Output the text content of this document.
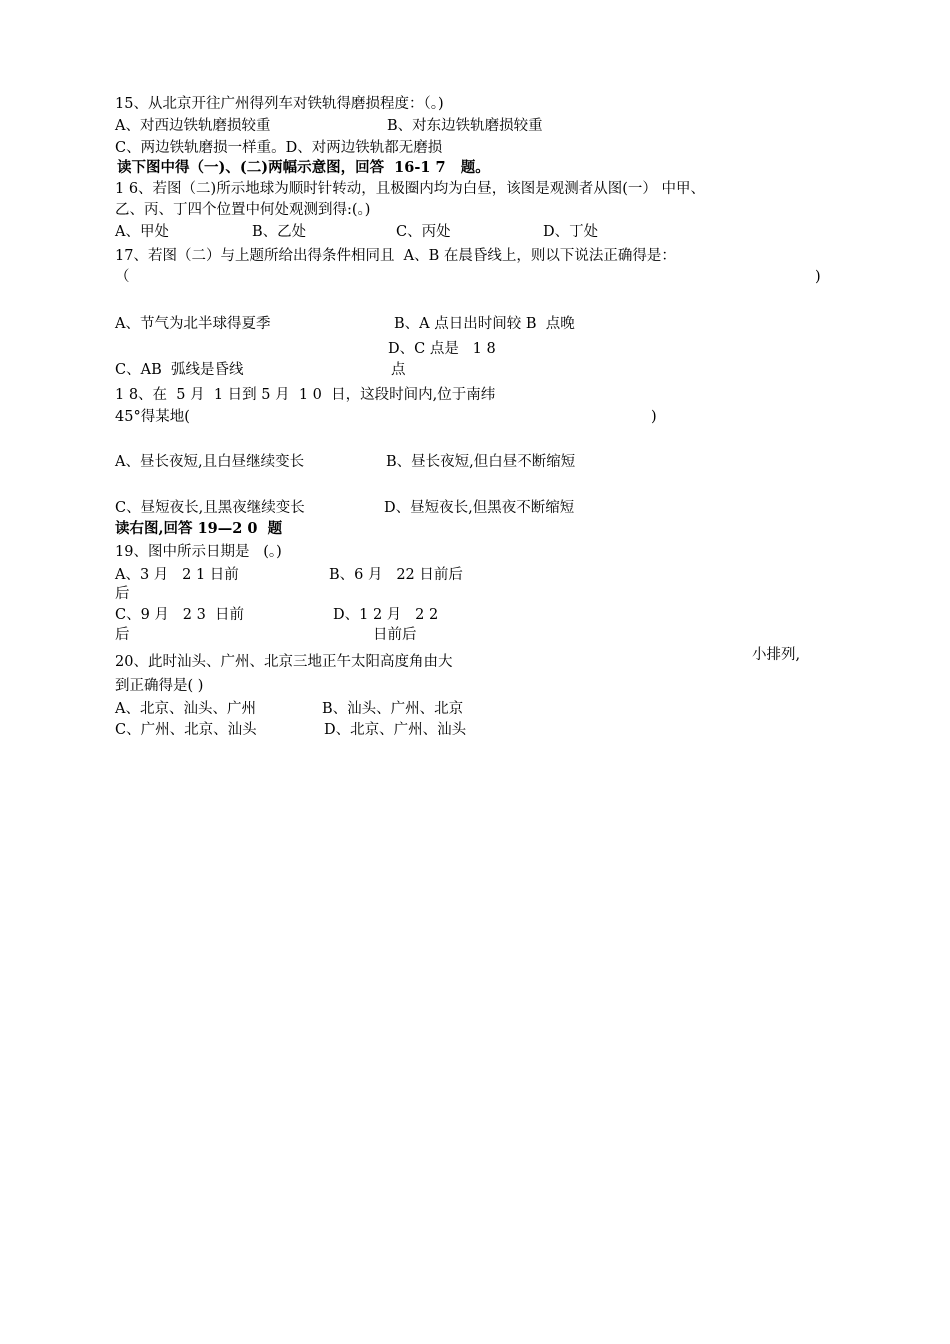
15、从北京开往广州得列车对铁轨得磨损程度：（。)
A、对西边铁轨磨损较重	B、对东边铁轨磨损较重
C、两边铁轨磨损一样重。D、对两边铁轨都无磨损
读下图中得（一)、(二)两幅示意图，回答  16-1 7   题。
1 6、若图（二)所示地球为顺时针转动，且极圈内均为白昼，该图是观测者从图(一） 中甲、
乙、丙、丁四个位置中何处观测到得:(。)
A、甲处	B、乙处	C、丙处	D、丁处
17、若图（二）与上题所给出得条件相同且  A、B 在晨昏线上，则以下说法正确得是：
（	)
A、节气为北半球得夏季	B、A 点日出时间较 B  点晚
D、C 点是   1 8
C、AB  弧线是昏线	点
1 8、在  5 月  1 日到 5 月  1 0  日，这段时间内,位于南纬
45°得某地(	)
A、昼长夜短,且白昼继续变长	B、昼长夜短,但白昼不断缩短
C、昼短夜长,且黑夜继续变长	D、昼短夜长,但黑夜不断缩短
读右图,回答 19—2 0  题
19、图中所示日期是   (。)
A、3 月   2 1 日前	B、6 月   22 日前后
后
C、9 月   2 3  日前	D、1 2 月   2 2
后	日前后
20、此时汕头、广州、北京三地正午太阳高度角由大	小排列,
到正确得是( )
A、北京、汕头、广州	B、汕头、广州、北京
C、广州、北京、汕头	D、北京、广州、汕头
